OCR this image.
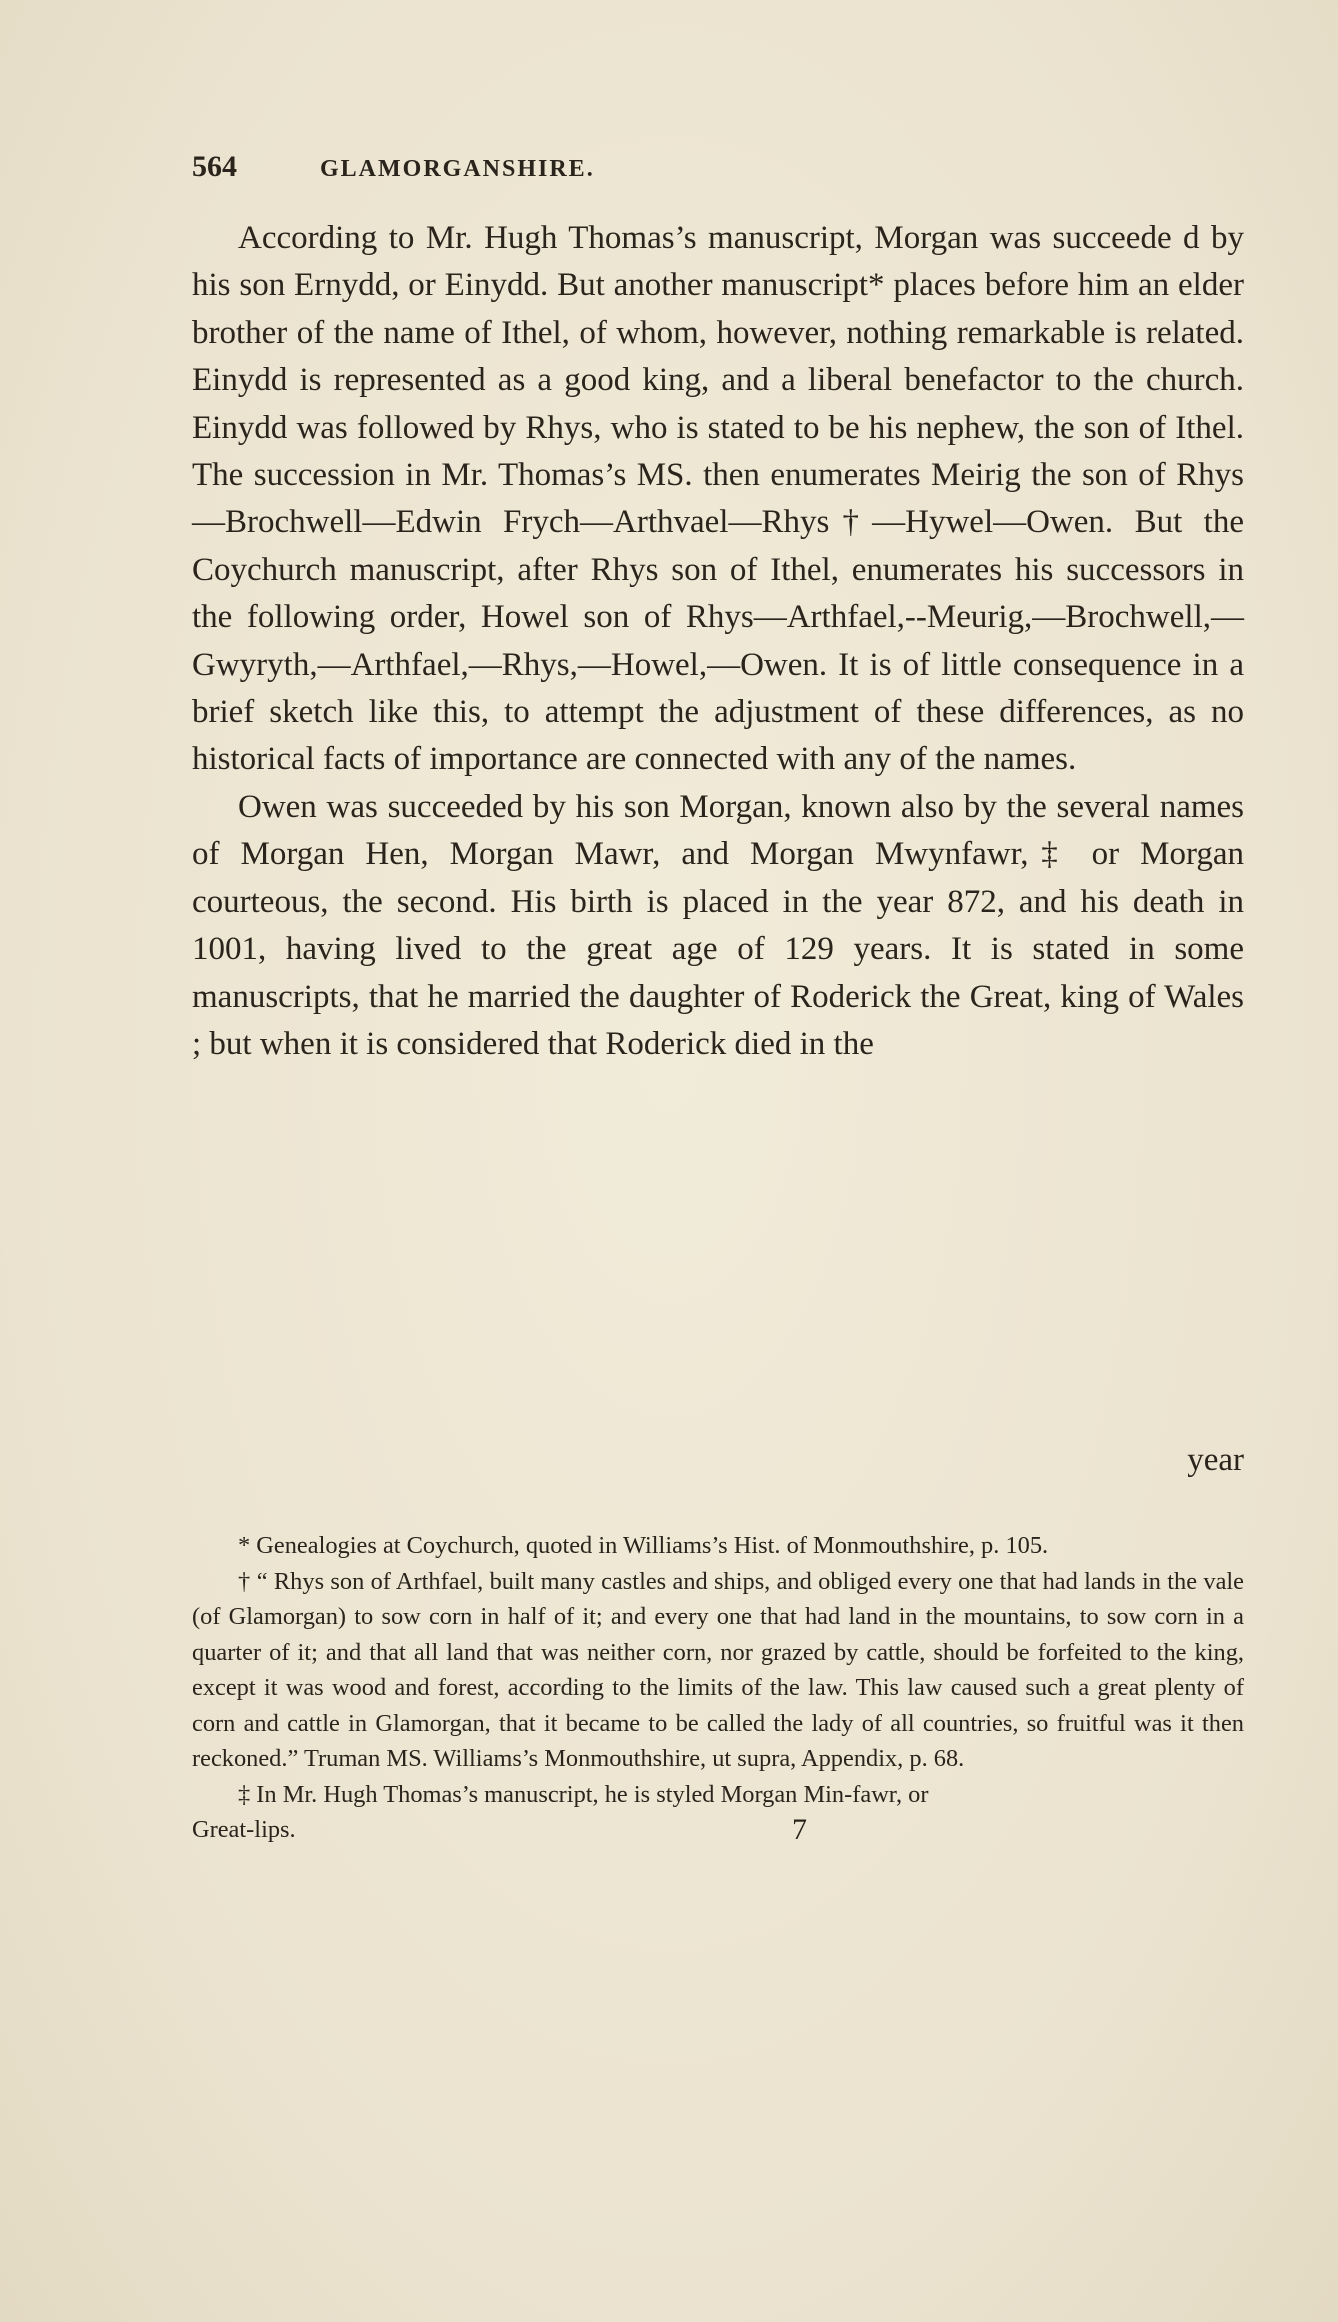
564	GLAMORGANSHIRE.

According to Mr. Hugh Thomas’s manuscript, Morgan was succeede d by his son Ernydd, or Einydd. But another manuscript* places before him an elder brother of the name of Ithel, of whom, however, nothing remarkable is related. Einydd is represented as a good king, and a liberal benefactor to the church. Einydd was followed by Rhys, who is stated to be his nephew, the son of Ithel. The succession in Mr. Thomas’s MS. then enumerates Meirig the son of Rhys—Brochwell—Edwin Frych—Arthvael—Rhys†—Hywel—Owen. But the Coychurch manuscript, after Rhys son of Ithel, enumerates his successors in the following order, Howel son of Rhys—Arthfael,--Meurig,—Brochwell,—Gwyryth,—Arthfael,—Rhys,—Howel,—Owen. It is of little consequence in a brief sketch like this, to attempt the adjustment of these differences, as no historical facts of importance are connected with any of the names.

Owen was succeeded by his son Morgan, known also by the several names of Morgan Hen, Morgan Mawr, and Morgan Mwynfawr,‡ or Morgan courteous, the second. His birth is placed in the year 872, and his death in 1001, having lived to the great age of 129 years. It is stated in some manuscripts, that he married the daughter of Roderick the Great, king of Wales ; but when it is considered that Roderick died in the

year

* Genealogies at Coychurch, quoted in Williams’s Hist. of Monmouthshire, p. 105.

† “ Rhys son of Arthfael, built many castles and ships, and obliged every one that had lands in the vale (of Glamorgan) to sow corn in half of it; and every one that had land in the mountains, to sow corn in a quarter of it; and that all land that was neither corn, nor grazed by cattle, should be forfeited to the king, except it was wood and forest, according to the limits of the law. This law caused such a great plenty of corn and cattle in Glamorgan, that it became to be called the lady of all countries, so fruitful was it then reckoned.” Truman MS. Williams’s Monmouthshire, ut supra, Appendix, p. 68.

‡ In Mr. Hugh Thomas’s manuscript, he is styled Morgan Min-fawr, or

Great-lips.	7
